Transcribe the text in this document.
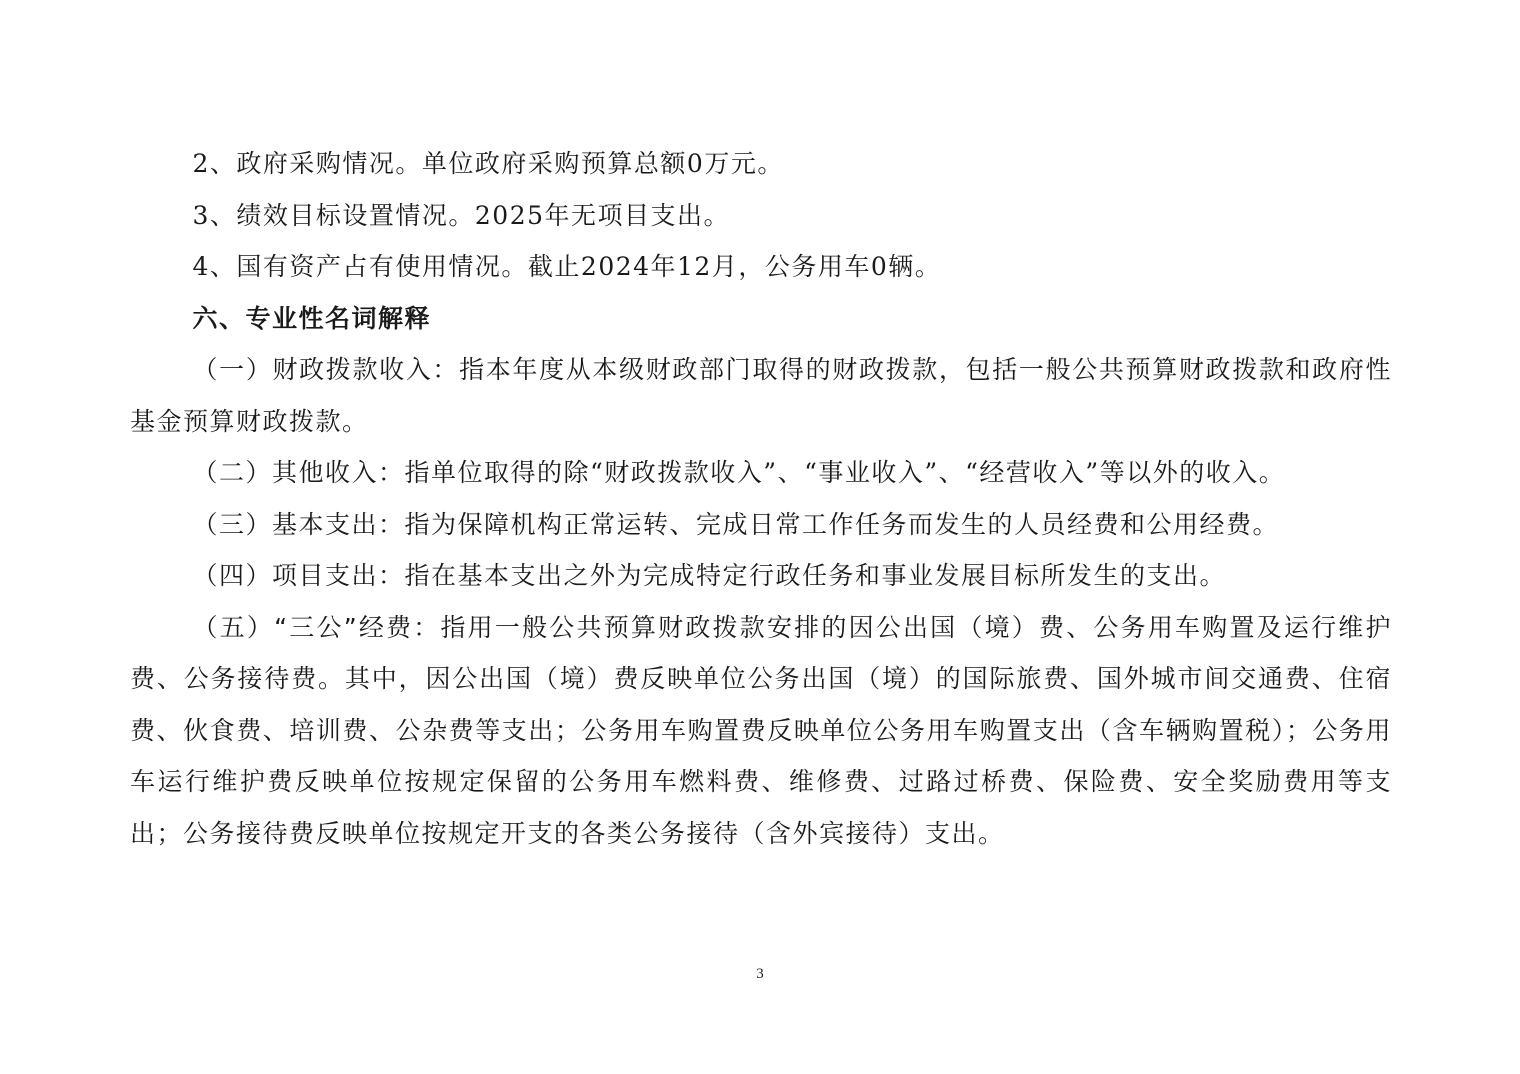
2、政府采购情况。单位政府采购预算总额0万元。

3、绩效目标设置情况。2025年无项目支出。

4、国有资产占有使用情况。截止2024年12月，公务用车0辆。

六、专业性名词解释

（一）财政拨款收入：指本年度从本级财政部门取得的财政拨款，包括一般公共预算财政拨款和政府性基金预算财政拨款。

（二）其他收入：指单位取得的除“财政拨款收入”、“事业收入”、“经营收入”等以外的收入。

（三）基本支出：指为保障机构正常运转、完成日常工作任务而发生的人员经费和公用经费。

（四）项目支出：指在基本支出之外为完成特定行政任务和事业发展目标所发生的支出。

（五）“三公”经费：指用一般公共预算财政拨款安排的因公出国（境）费、公务用车购置及运行维护费、公务接待费。其中，因公出国（境）费反映单位公务出国（境）的国际旅费、国外城市间交通费、住宿费、伙食费、培训费、公杂费等支出；公务用车购置费反映单位公务用车购置支出（含车辆购置税）；公务用车运行维护费反映单位按规定保留的公务用车燃料费、维修费、过路过桥费、保险费、安全奖励费用等支出；公务接待费反映单位按规定开支的各类公务接待（含外宾接待）支出。

3
